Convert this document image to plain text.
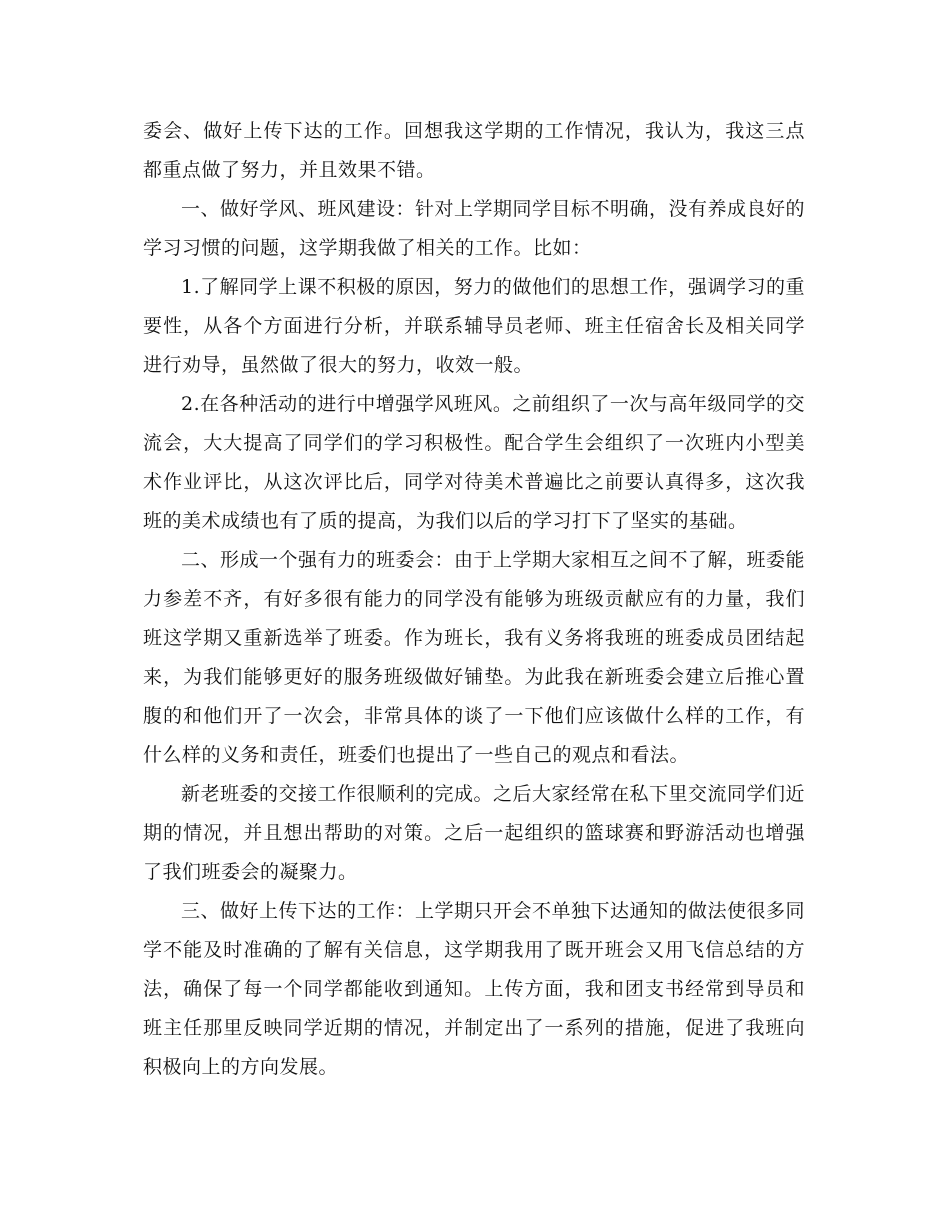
委会、做好上传下达的工作。回想我这学期的工作情况，我认为，我这三点都重点做了努力，并且效果不错。

一、做好学风、班风建设：针对上学期同学目标不明确，没有养成良好的学习习惯的问题，这学期我做了相关的工作。比如：

1.了解同学上课不积极的原因，努力的做他们的思想工作，强调学习的重要性，从各个方面进行分析，并联系辅导员老师、班主任宿舍长及相关同学进行劝导，虽然做了很大的努力，收效一般。

2.在各种活动的进行中增强学风班风。之前组织了一次与高年级同学的交流会，大大提高了同学们的学习积极性。配合学生会组织了一次班内小型美术作业评比，从这次评比后，同学对待美术普遍比之前要认真得多，这次我班的美术成绩也有了质的提高，为我们以后的学习打下了坚实的基础。

二、形成一个强有力的班委会：由于上学期大家相互之间不了解，班委能力参差不齐，有好多很有能力的同学没有能够为班级贡献应有的力量，我们班这学期又重新选举了班委。作为班长，我有义务将我班的班委成员团结起来，为我们能够更好的服务班级做好铺垫。为此我在新班委会建立后推心置腹的和他们开了一次会，非常具体的谈了一下他们应该做什么样的工作，有什么样的义务和责任，班委们也提出了一些自己的观点和看法。

新老班委的交接工作很顺利的完成。之后大家经常在私下里交流同学们近期的情况，并且想出帮助的对策。之后一起组织的篮球赛和野游活动也增强了我们班委会的凝聚力。

三、做好上传下达的工作：上学期只开会不单独下达通知的做法使很多同学不能及时准确的了解有关信息，这学期我用了既开班会又用飞信总结的方法，确保了每一个同学都能收到通知。上传方面，我和团支书经常到导员和班主任那里反映同学近期的情况，并制定出了一系列的措施，促进了我班向积极向上的方向发展。
